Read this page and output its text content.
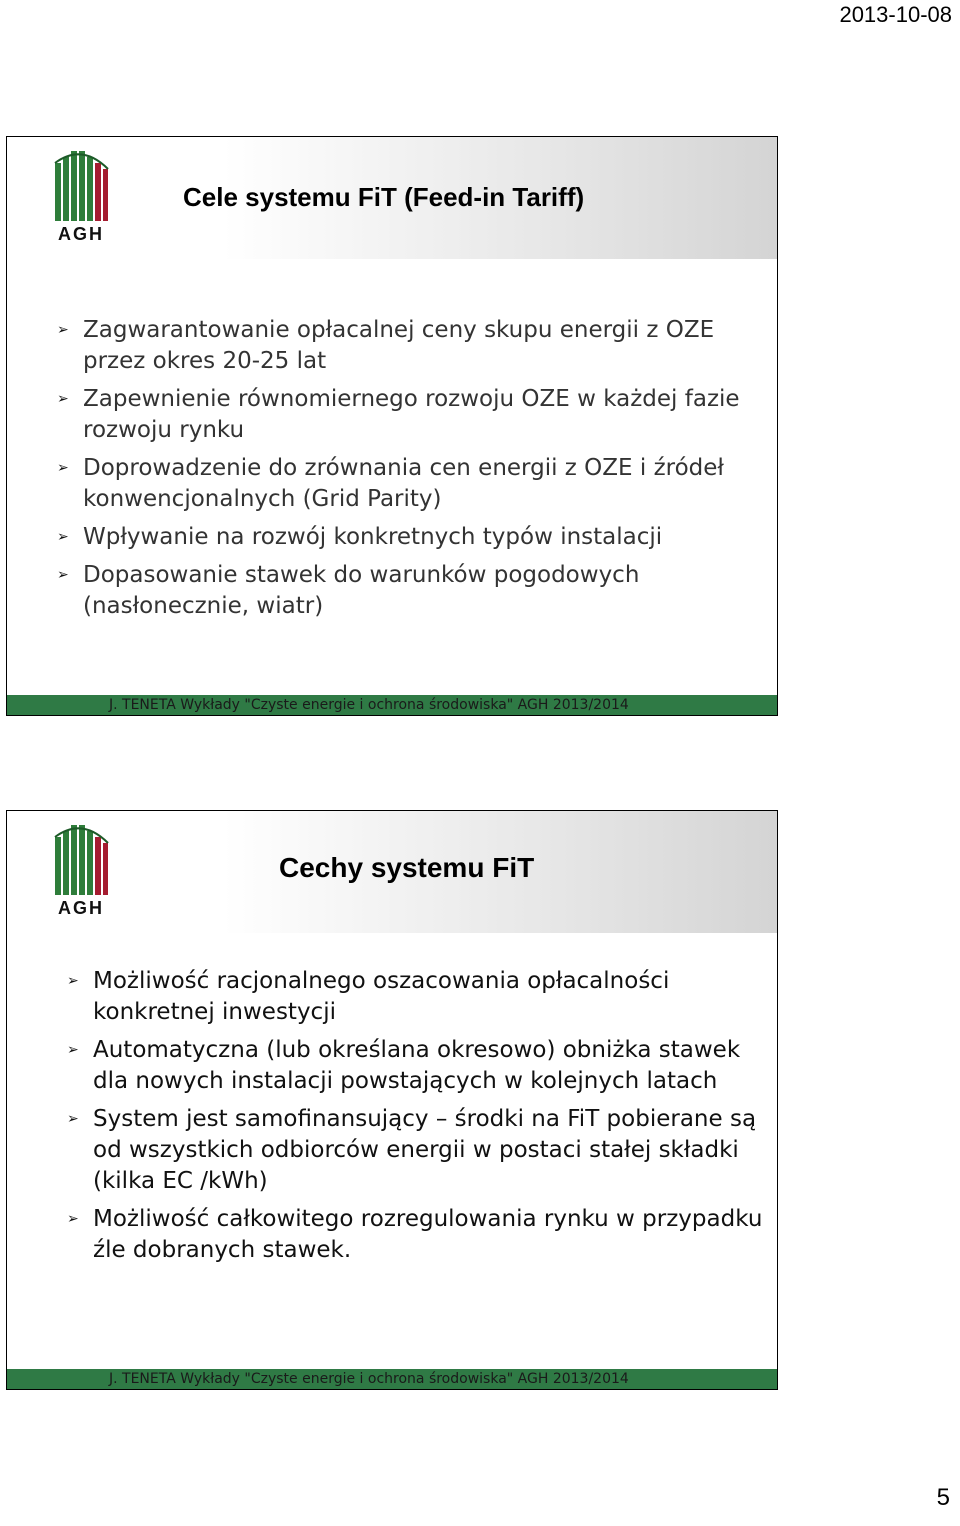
2013-10-08
AGH
Cele systemu FiT (Feed-in Tariff)
➢ Zagwarantowanie opłacalnej ceny skupu energii z OZE przez okres 20-25 lat
➢ Zapewnienie równomiernego rozwoju OZE w każdej fazie rozwoju rynku
➢ Doprowadzenie do zrównania cen energii z OZE i źródeł konwencjonalnych (Grid Parity)
➢ Wpływanie na rozwój konkretnych typów instalacji
➢ Dopasowanie stawek do warunków pogodowych (nasłonecznie, wiatr)
J. TENETA Wykłady "Czyste energie i ochrona środowiska" AGH 2013/2014
AGH
Cechy systemu FiT
➢ Możliwość racjonalnego oszacowania opłacalności konkretnej inwestycji
➢ Automatyczna (lub określana okresowo) obniżka stawek dla nowych instalacji powstających w kolejnych latach
➢ System jest samofinansujący – środki na FiT pobierane są od wszystkich odbiorców energii w postaci stałej składki (kilka EC /kWh)
➢ Możliwość całkowitego rozregulowania rynku w przypadku źle dobranych stawek.
J. TENETA Wykłady "Czyste energie i ochrona środowiska" AGH 2013/2014
5
